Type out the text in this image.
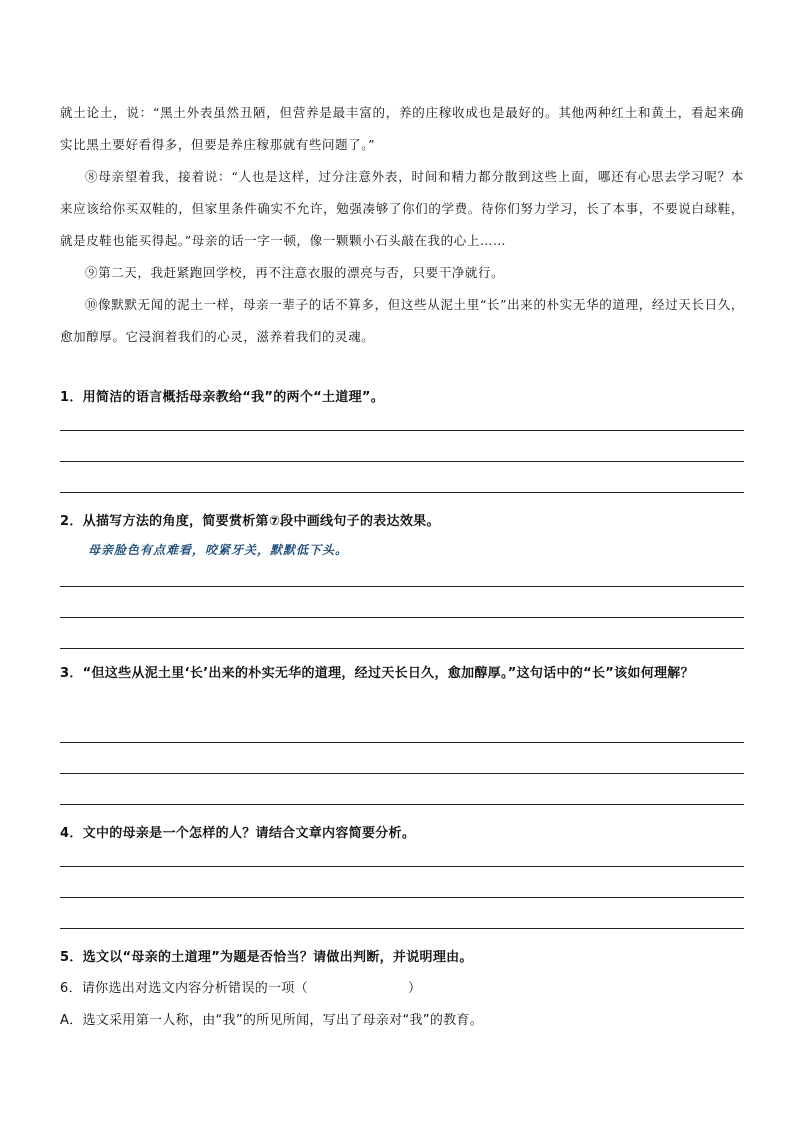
就土论土，说：“黑土外表虽然丑陋，但营养是最丰富的，养的庄稼收成也是最好的。其他两种红土和黄土，看起来确实比黑土要好看得多，但要是养庄稼那就有些问题了。”

⑧母亲望着我，接着说：“人也是这样，过分注意外表，时间和精力都分散到这些上面，哪还有心思去学习呢？本来应该给你买双鞋的，但家里条件确实不允许，勉强凑够了你们的学费。待你们努力学习，长了本事，不要说白球鞋，就是皮鞋也能买得起。”母亲的话一字一顿，像一颗颗小石头敲在我的心上……

⑨第二天，我赶紧跑回学校，再不注意衣服的漂亮与否，只要干净就行。

⑩像默默无闻的泥土一样，母亲一辈子的话不算多，但这些从泥土里“长”出来的朴实无华的道理，经过天长日久，愈加醇厚。它浸润着我们的心灵，滋养着我们的灵魂。

1．用简洁的语言概括母亲教给“我”的两个“土道理”。
2．从描写方法的角度，简要赏析第⑦段中画线句子的表达效果。
母亲脸色有点难看，咬紧牙关，默默低下头。
3．“但这些从泥土里‘长’出来的朴实无华的道理，经过天长日久，愈加醇厚。”这句话中的“长”该如何理解？
4．文中的母亲是一个怎样的人？请结合文章内容简要分析。
5．选文以“母亲的土道理”为题是否恰当？请做出判断，并说明理由。
6．请你选出对选文内容分析错误的一项（	）
A．选文采用第一人称，由“我”的所见所闻，写出了母亲对“我”的教育。
